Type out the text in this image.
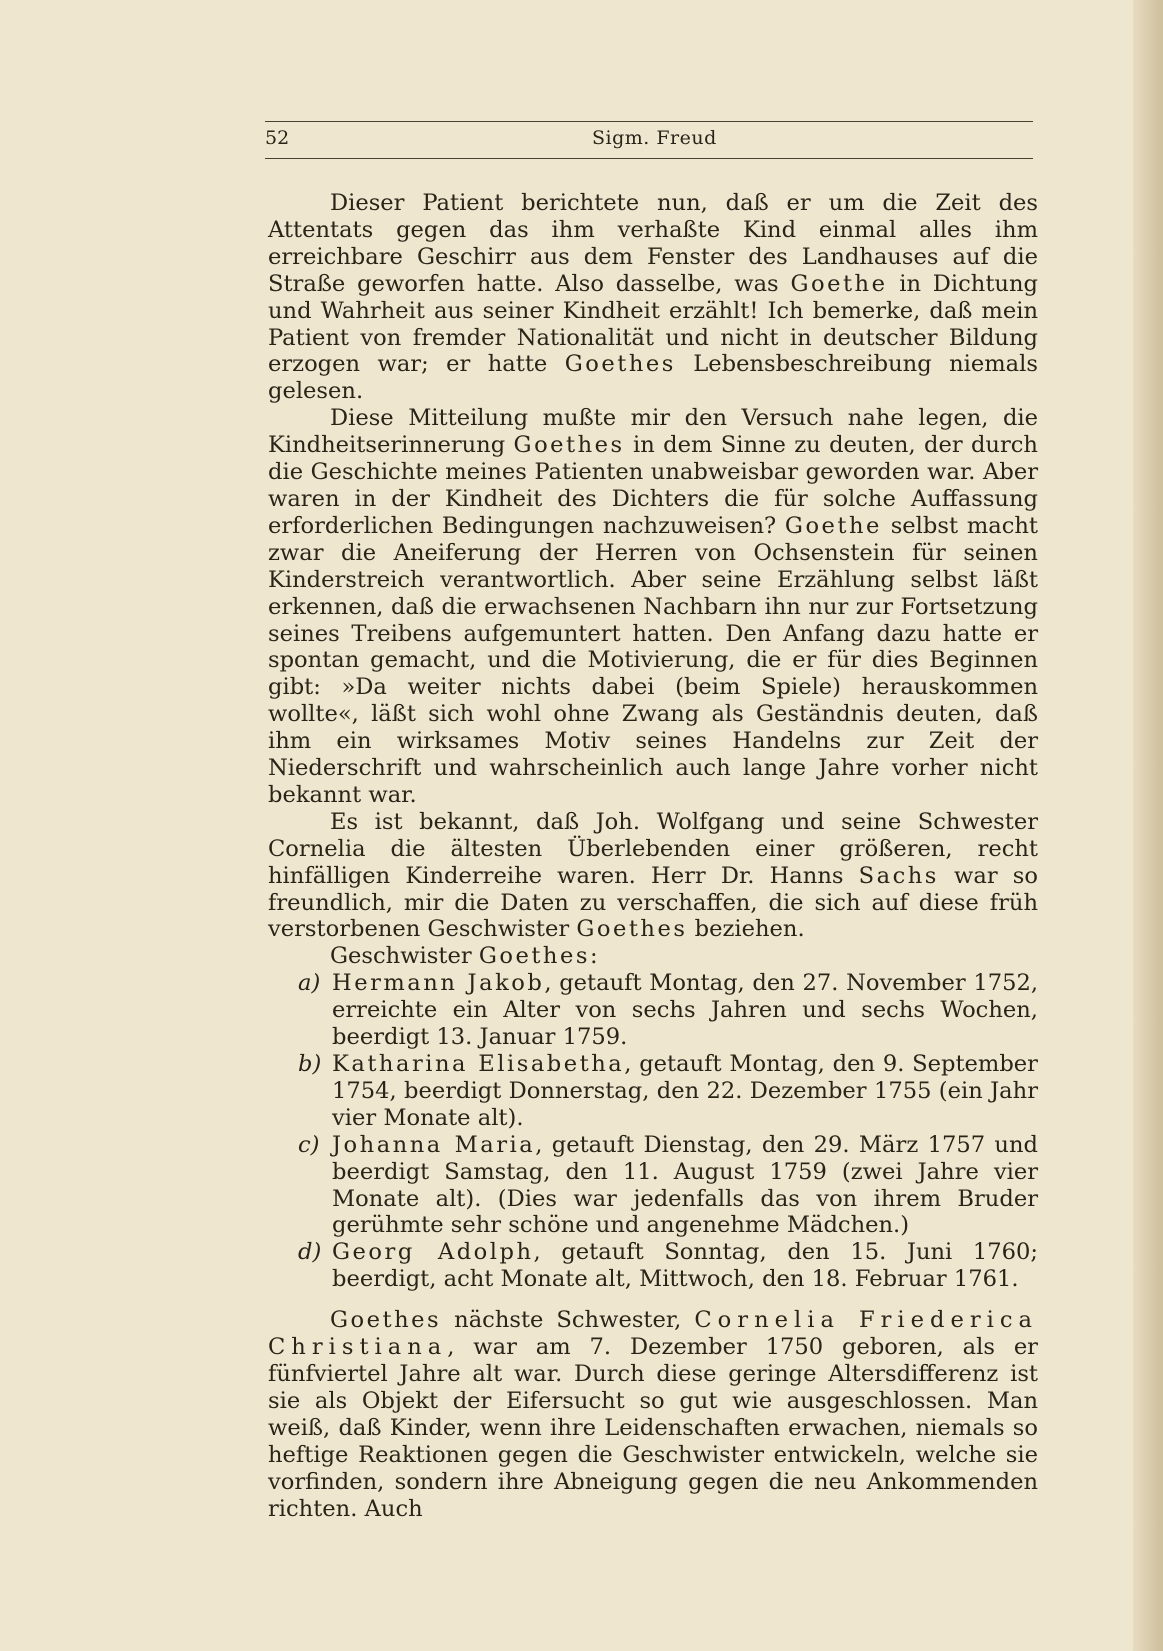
52	Sigm. Freud

Dieser Patient berichtete nun, daß er um die Zeit des Attentats gegen das ihm verhaßte Kind einmal alles ihm erreichbare Geschirr aus dem Fenster des Landhauses auf die Straße geworfen hatte. Also dasselbe, was Goethe in Dichtung und Wahrheit aus seiner Kindheit erzählt! Ich bemerke, daß mein Patient von fremder Nationalität und nicht in deutscher Bildung erzogen war; er hatte Goethes Lebensbeschreibung niemals gelesen.

Diese Mitteilung mußte mir den Versuch nahe legen, die Kindheitserinnerung Goethes in dem Sinne zu deuten, der durch die Geschichte meines Patienten unabweisbar geworden war. Aber waren in der Kindheit des Dichters die für solche Auffassung erforderlichen Bedingungen nachzuweisen? Goethe selbst macht zwar die Aneiferung der Herren von Ochsenstein für seinen Kinderstreich verantwortlich. Aber seine Erzählung selbst läßt erkennen, daß die erwachsenen Nachbarn ihn nur zur Fortsetzung seines Treibens aufgemuntert hatten. Den Anfang dazu hatte er spontan gemacht, und die Motivierung, die er für dies Beginnen gibt: »Da weiter nichts dabei (beim Spiele) herauskommen wollte«, läßt sich wohl ohne Zwang als Geständnis deuten, daß ihm ein wirksames Motiv seines Handelns zur Zeit der Niederschrift und wahrscheinlich auch lange Jahre vorher nicht bekannt war.

Es ist bekannt, daß Joh. Wolfgang und seine Schwester Cornelia die ältesten Überlebenden einer größeren, recht hinfälligen Kinderreihe waren. Herr Dr. Hanns Sachs war so freundlich, mir die Daten zu verschaffen, die sich auf diese früh verstorbenen Geschwister Goethes beziehen.

Geschwister Goethes:

a) Hermann Jakob, getauft Montag, den 27. November 1752, erreichte ein Alter von sechs Jahren und sechs Wochen, beerdigt 13. Januar 1759.
b) Katharina Elisabetha, getauft Montag, den 9. September 1754, beerdigt Donnerstag, den 22. Dezember 1755 (ein Jahr vier Monate alt).
c) Johanna Maria, getauft Dienstag, den 29. März 1757 und beerdigt Samstag, den 11. August 1759 (zwei Jahre vier Monate alt). (Dies war jedenfalls das von ihrem Bruder gerühmte sehr schöne und angenehme Mädchen.)
d) Georg Adolph, getauft Sonntag, den 15. Juni 1760; beerdigt, acht Monate alt, Mittwoch, den 18. Februar 1761.

Goethes nächste Schwester, Cornelia Friederica Christiana, war am 7. Dezember 1750 geboren, als er fünfviertel Jahre alt war. Durch diese geringe Altersdifferenz ist sie als Objekt der Eifersucht so gut wie ausgeschlossen. Man weiß, daß Kinder, wenn ihre Leidenschaften erwachen, niemals so heftige Reaktionen gegen die Geschwister entwickeln, welche sie vorfinden, sondern ihre Abneigung gegen die neu Ankommenden richten. Auch
